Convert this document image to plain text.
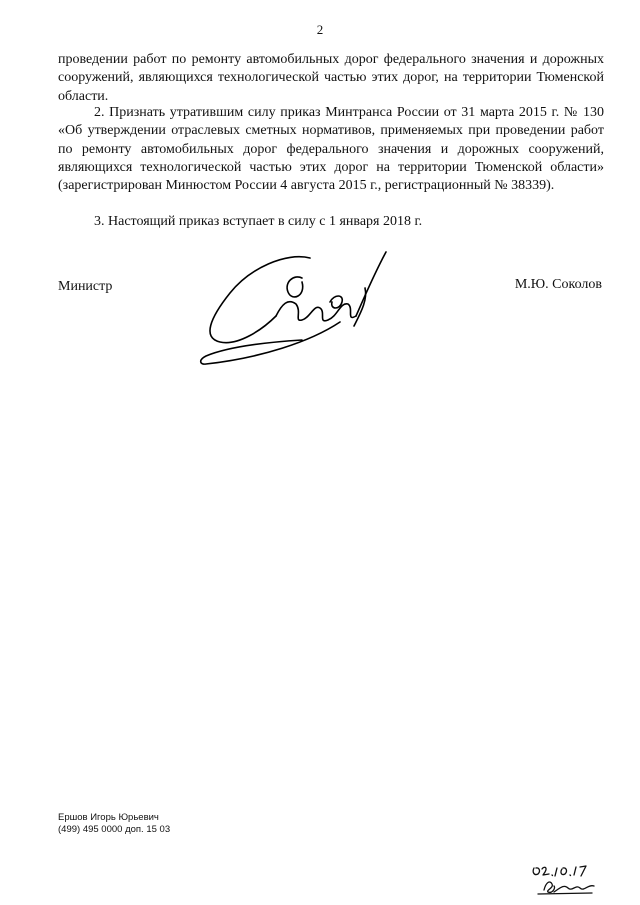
2
проведении работ по ремонту автомобильных дорог федерального значения и дорожных сооружений, являющихся технологической частью этих дорог, на территории Тюменской области.
2. Признать утратившим силу приказ Минтранса России от 31 марта 2015 г. № 130 «Об утверждении отраслевых сметных нормативов, применяемых при проведении работ по ремонту автомобильных дорог федерального значения и дорожных сооружений, являющихся технологической частью этих дорог на территории Тюменской области» (зарегистрирован Минюстом России 4 августа 2015 г., регистрационный № 38339).
3. Настоящий приказ вступает в силу с 1 января 2018 г.
Министр	М.Ю. Соколов
Ершов Игорь Юрьевич
(499) 495 0000 доп. 15 03
